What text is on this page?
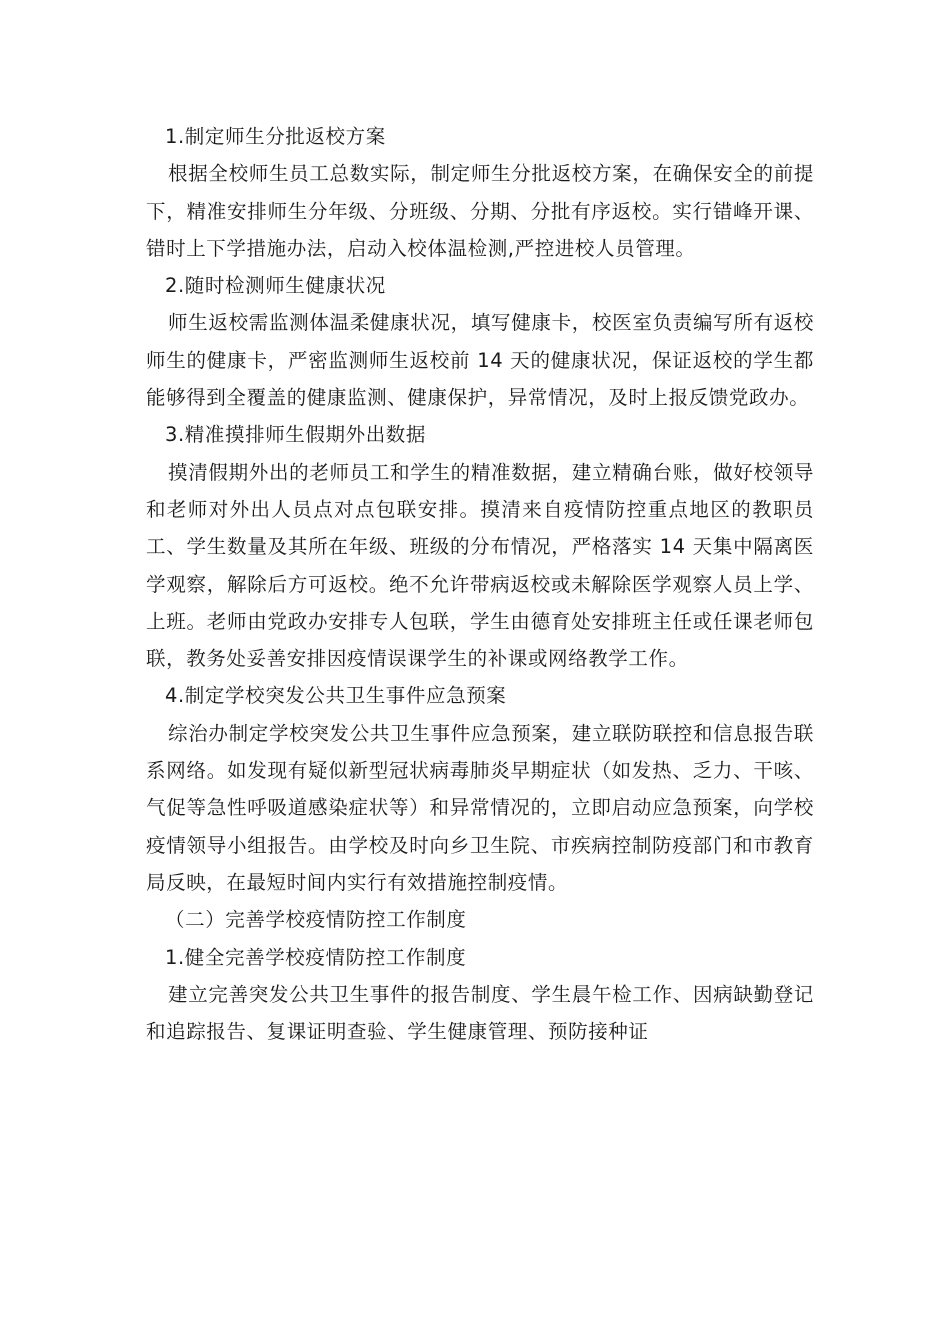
1.制定师生分批返校方案

根据全校师生员工总数实际，制定师生分批返校方案，在确保安全的前提下，精准安排师生分年级、分班级、分期、分批有序返校。实行错峰开课、错时上下学措施办法，启动入校体温检测,严控进校人员管理。

2.随时检测师生健康状况

师生返校需监测体温柔健康状况，填写健康卡，校医室负责编写所有返校师生的健康卡，严密监测师生返校前 14 天的健康状况，保证返校的学生都能够得到全覆盖的健康监测、健康保护，异常情况，及时上报反馈党政办。

3.精准摸排师生假期外出数据

摸清假期外出的老师员工和学生的精准数据，建立精确台账，做好校领导和老师对外出人员点对点包联安排。摸清来自疫情防控重点地区的教职员工、学生数量及其所在年级、班级的分布情况，严格落实 14 天集中隔离医学观察，解除后方可返校。绝不允许带病返校或未解除医学观察人员上学、上班。老师由党政办安排专人包联，学生由德育处安排班主任或任课老师包联，教务处妥善安排因疫情误课学生的补课或网络教学工作。

4.制定学校突发公共卫生事件应急预案

综治办制定学校突发公共卫生事件应急预案，建立联防联控和信息报告联系网络。如发现有疑似新型冠状病毒肺炎早期症状（如发热、乏力、干咳、气促等急性呼吸道感染症状等）和异常情况的，立即启动应急预案，向学校疫情领导小组报告。由学校及时向乡卫生院、市疾病控制防疫部门和市教育局反映，在最短时间内实行有效措施控制疫情。

（二）完善学校疫情防控工作制度

1.健全完善学校疫情防控工作制度

建立完善突发公共卫生事件的报告制度、学生晨午检工作、因病缺勤登记和追踪报告、复课证明查验、学生健康管理、预防接种证
